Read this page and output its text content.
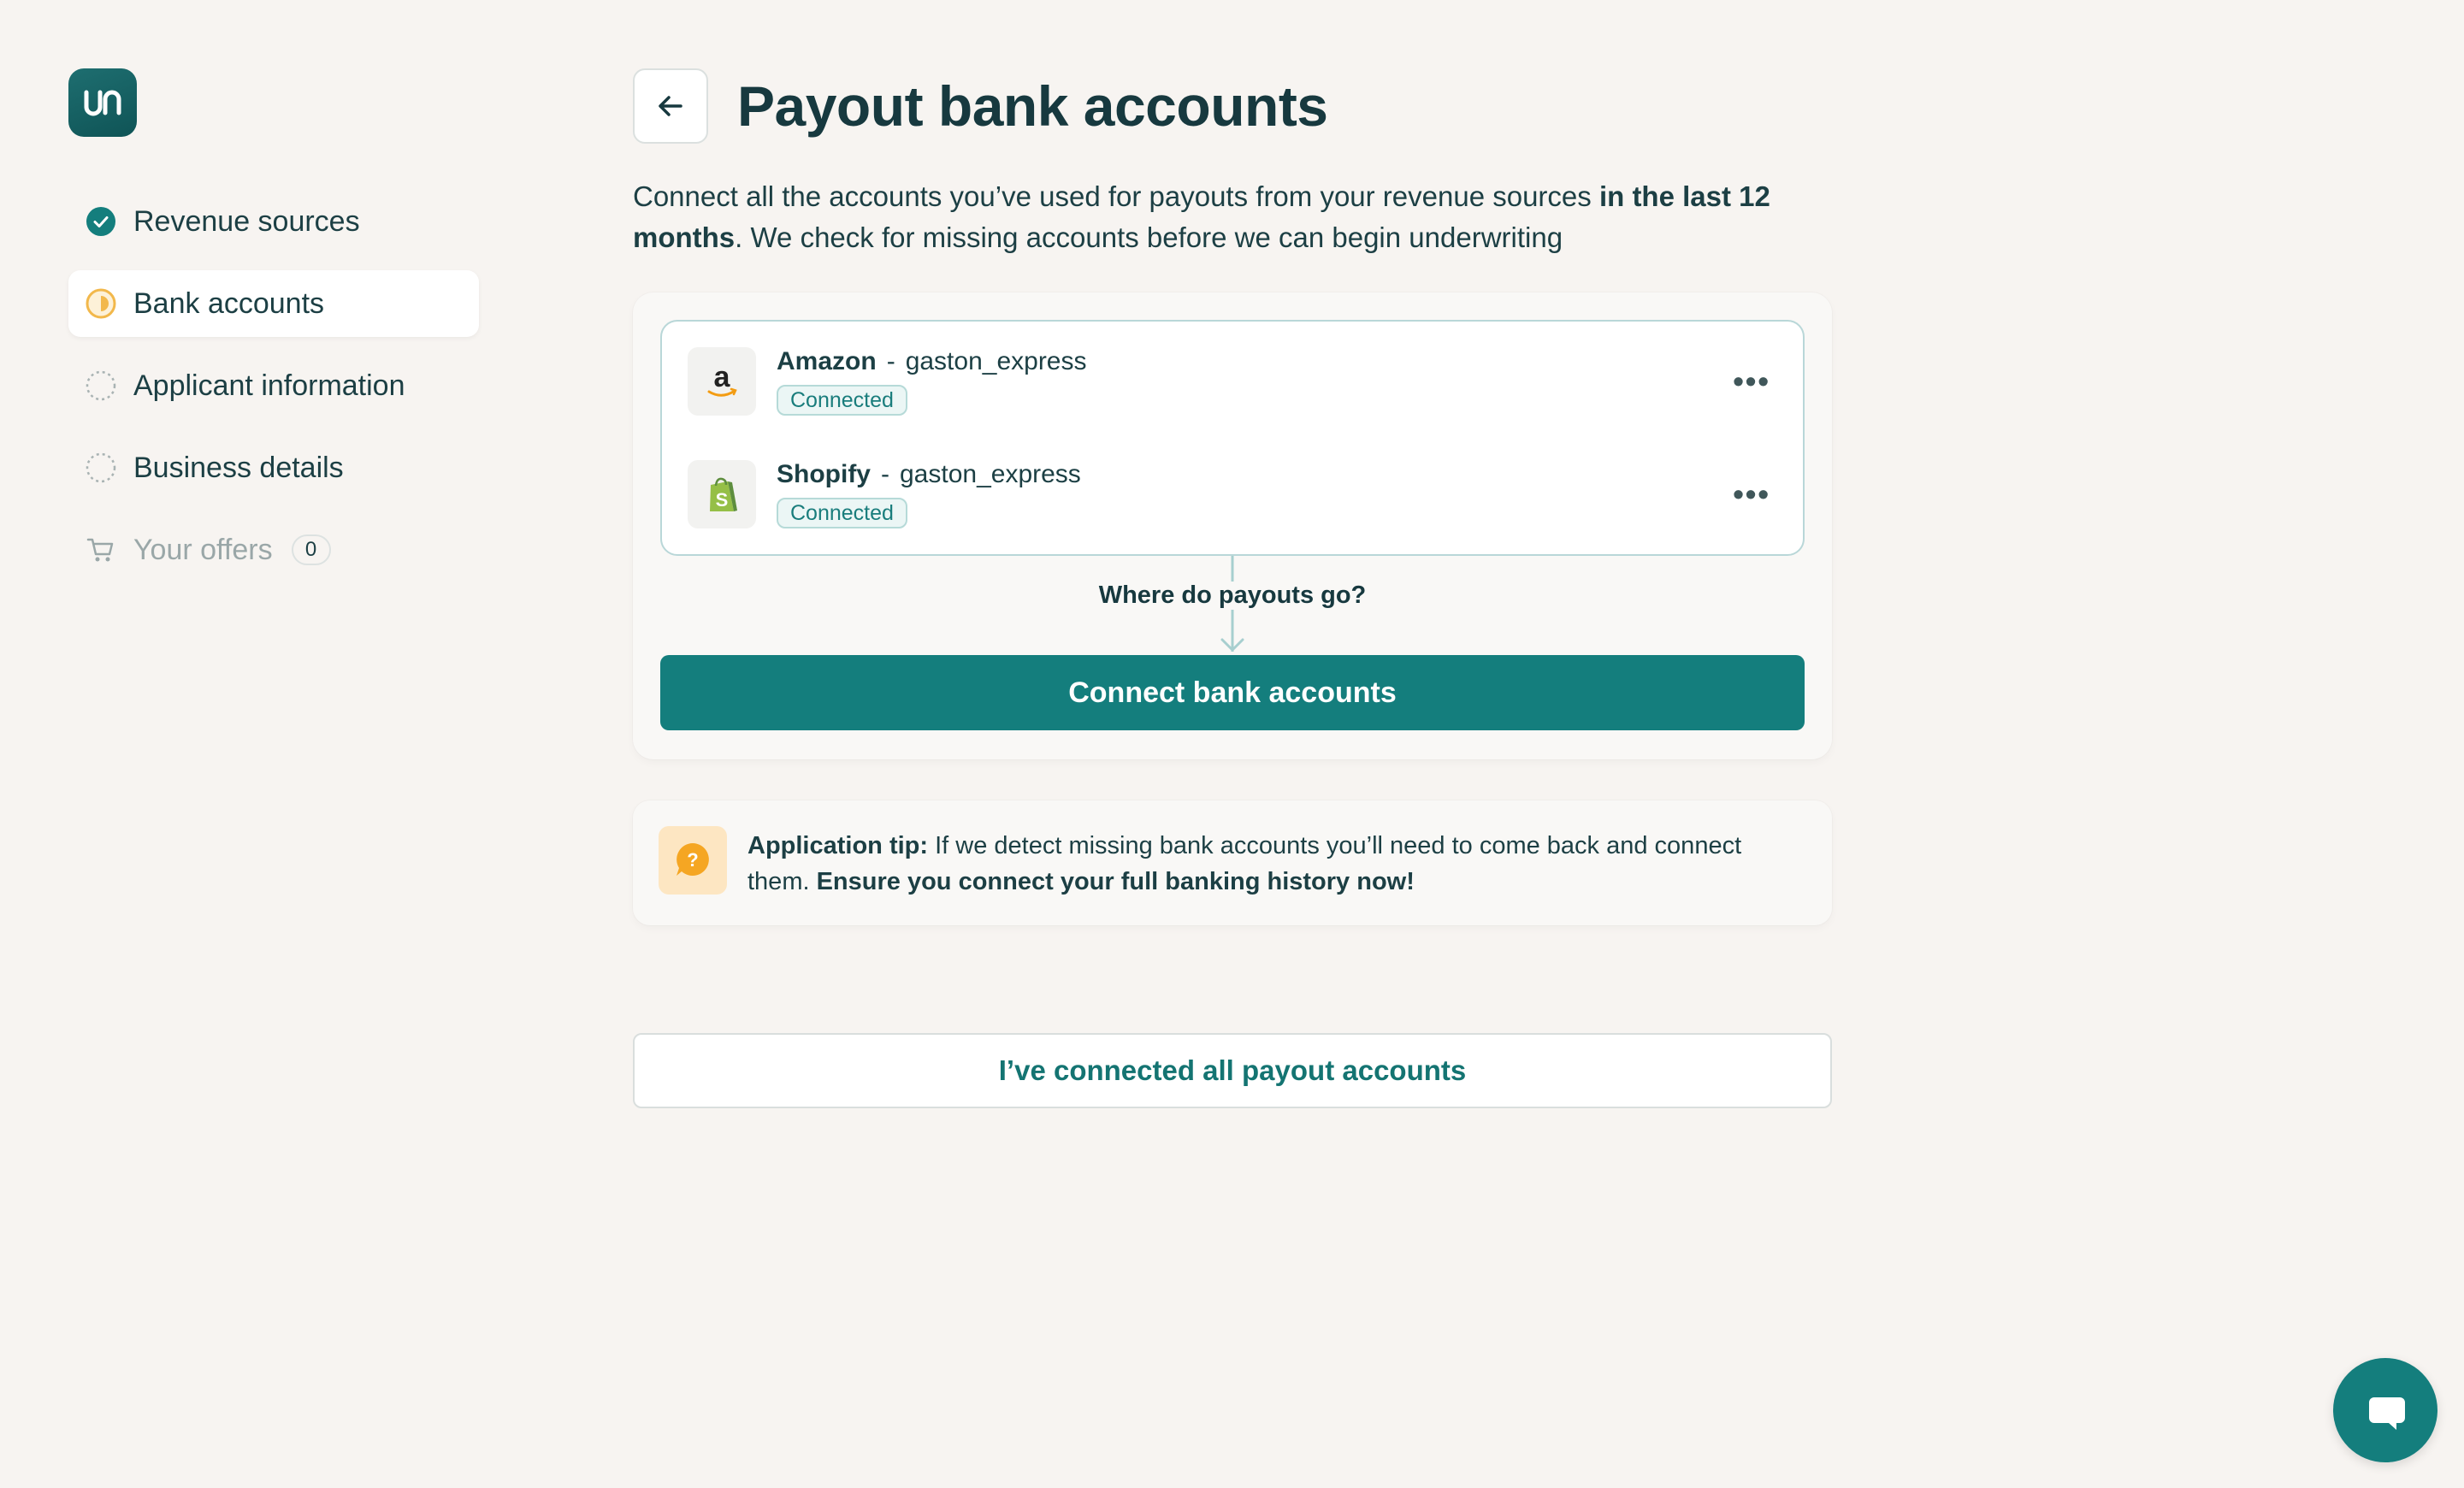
Revenue sources
Bank accounts
Applicant information
Business details
Your offers	0
Payout bank accounts

Connect all the accounts you’ve used for payouts from your revenue sources in the last 12 months. We check for missing accounts before we can begin underwriting

a Amazon - gaston_express
Connected
•••
S
Shopify - gaston_express
Connected
•••
Where do payouts go?
Connect bank accounts
?

Application tip: If we detect missing bank accounts you’ll need to come back and connect them. Ensure you connect your full banking history now!

I’ve connected all payout accounts
